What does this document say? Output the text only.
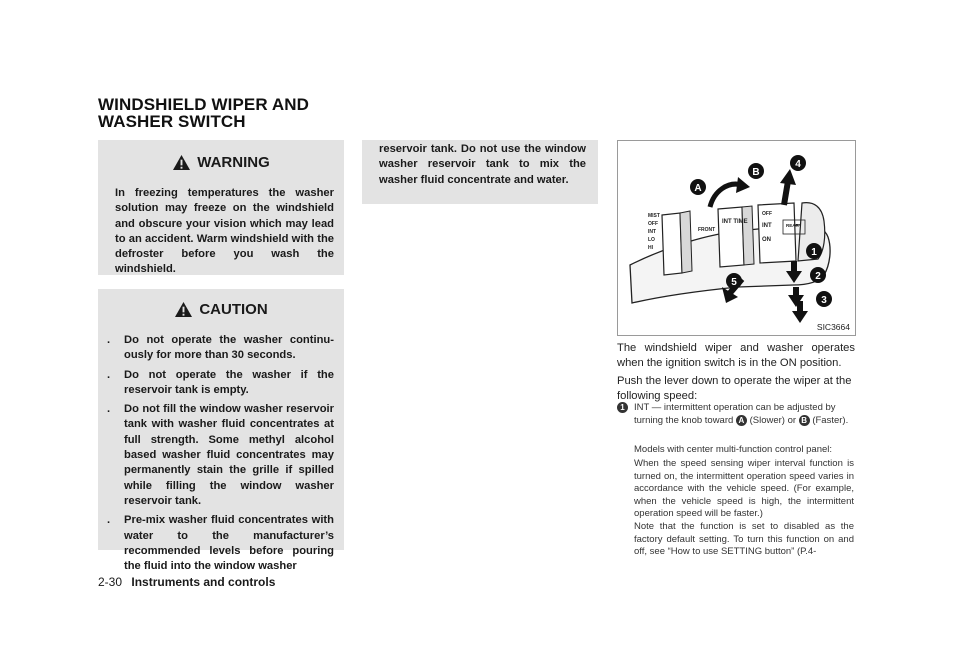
WINDSHIELD WIPER AND WASHER SWITCH
WARNING
In freezing temperatures the washer solution may freeze on the windshield and obscure your vision which may lead to an accident. Warm windshield with the defroster before you wash the windshield.
CAUTION
. Do not operate the washer continu- ously for more than 30 seconds.
. Do not operate the washer if the reservoir tank is empty.
. Do not fill the window washer reservoir tank with washer fluid concentrates at full strength. Some methyl alcohol based washer fluid concentrates may permanently stain the grille if spilled while filling the window washer reservoir tank.
. Pre-mix washer fluid concentrates with water to the manufacturer’s recommended levels before pouring the fluid into the window washer
reservoir tank. Do not use the window washer reservoir tank to mix the washer fluid concentrate and water.
MIST
OFF
INT
LO
HI
FRONT
INT TIME
OFF
INT
ON
REAR
A
B
4
5
1
2
3
SIC3664
The windshield wiper and washer operates when the ignition switch is in the ON position.
Push the lever down to operate the wiper at the following speed:
1 INT — intermittent operation can be adjusted by turning the knob toward A (Slower) or B (Faster).
Models with center multi-function control panel:
When the speed sensing wiper interval function is turned on, the intermittent operation speed varies in accordance with the vehicle speed. (For example, when the vehicle speed is high, the intermittent operation speed will be faster.)
Note that the function is set to disabled as the factory default setting. To turn this function on and off, see “How to use SETTING button” (P.4-
2-30 Instruments and controls
